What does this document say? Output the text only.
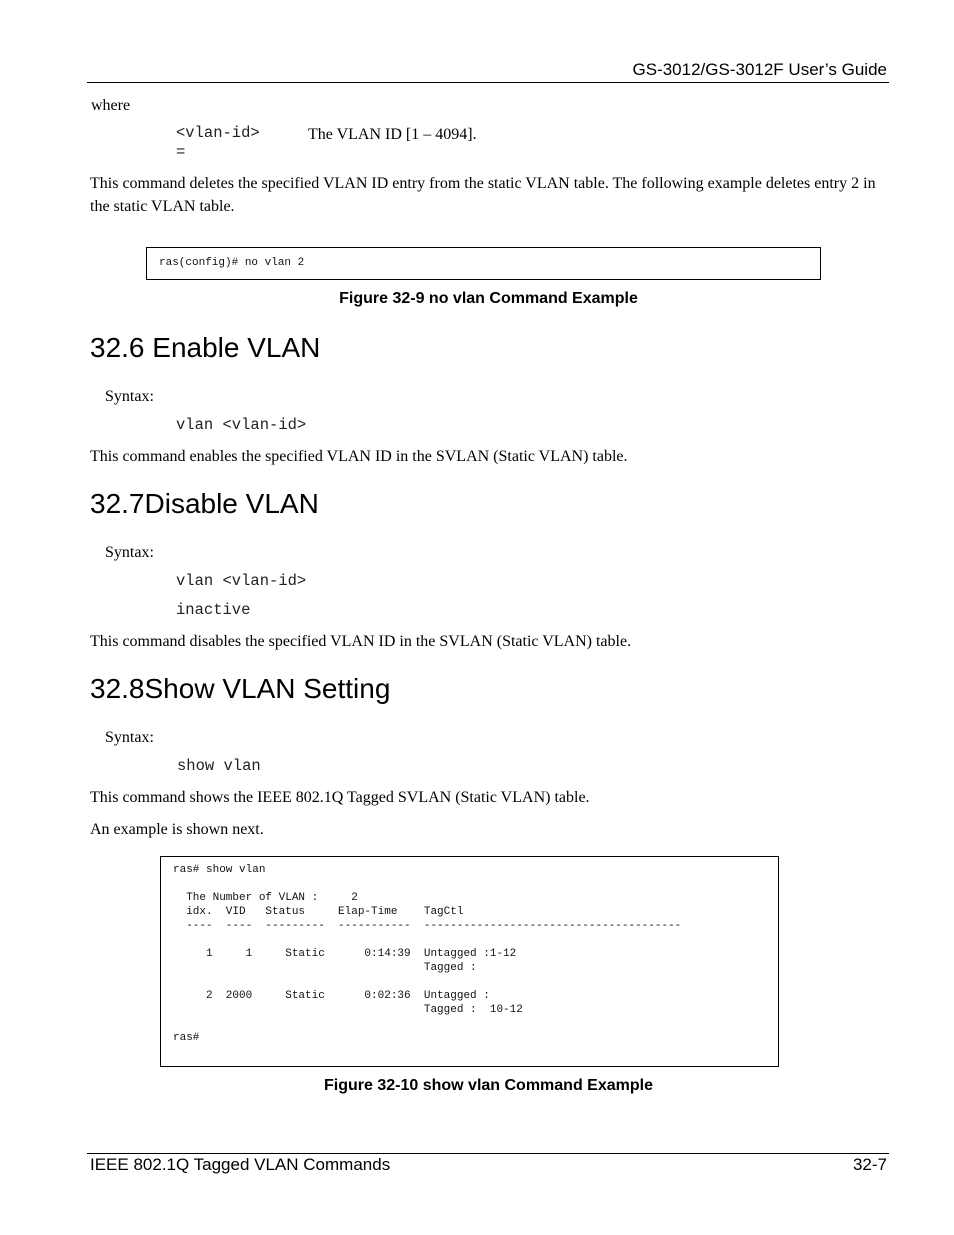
GS-3012/GS-3012F User’s Guide
where
<vlan-id>
=
The VLAN ID [1 – 4094].
This command deletes the specified VLAN ID entry from the static VLAN table. The following example deletes entry 2 in the static VLAN table.
ras(config)# no vlan 2
Figure 32-9 no vlan Command Example
32.6 Enable VLAN
Syntax:
vlan <vlan-id>
This command enables the specified VLAN ID in the SVLAN (Static VLAN) table.
32.7Disable VLAN
Syntax:
vlan <vlan-id>
inactive
This command disables the specified VLAN ID in the SVLAN (Static VLAN) table.
32.8Show VLAN Setting
Syntax:
show vlan
This command shows the IEEE 802.1Q Tagged SVLAN (Static VLAN) table.
An example is shown next.
ras# show vlan

The Number of VLAN :     2
idx.  VID   Status     Elap-Time    TagCtl
----  ----  ---------  -----------  ---------------------------------------

1     1     Static      0:14:39  Untagged :1-12
Tagged :

2  2000     Static      0:02:36  Untagged :
Tagged :  10-12

ras#
Figure 32-10 show vlan Command Example
IEEE 802.1Q Tagged VLAN Commands	32-7
